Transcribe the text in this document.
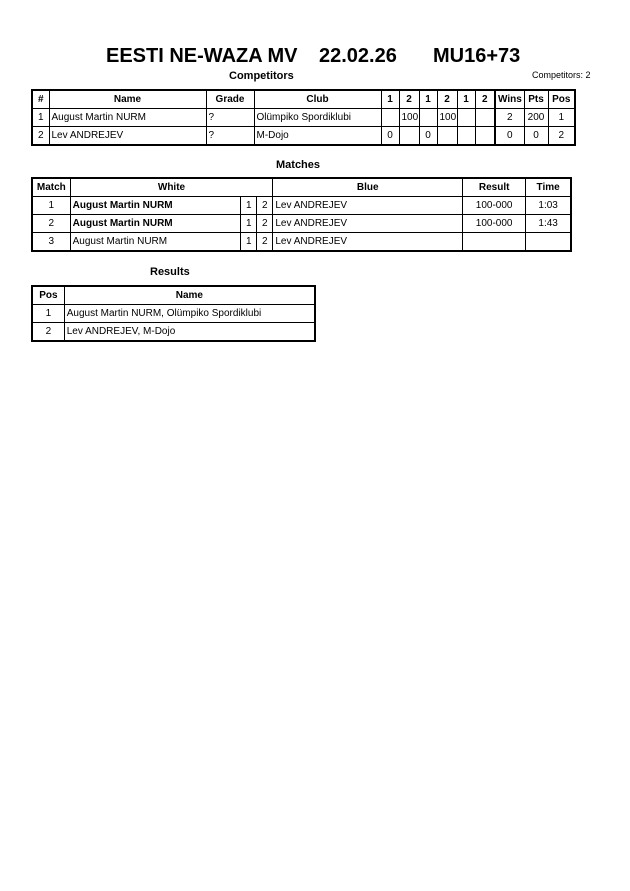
EESTI NE-WAZA MV 22.02.26 MU16+73
Competitors	Competitors: 2
#	Name	Grade	Club	1	2	1	2	1	2	Wins	Pts	Pos
1	August Martin NURM	?	Olümpiko Spordiklubi		100		100			2	200	1
2	Lev ANDREJEV	?	M-Dojo	0		0				0	0	2
Matches
Match	White			Blue	Result	Time
1	August Martin NURM	1	2	Lev ANDREJEV	100-000	1:03
2	August Martin NURM	1	2	Lev ANDREJEV	100-000	1:43
3	August Martin NURM	1	2	Lev ANDREJEV		
Results
Pos	Name
1	August Martin NURM, Olümpiko Spordiklubi
2	Lev ANDREJEV, M-Dojo
